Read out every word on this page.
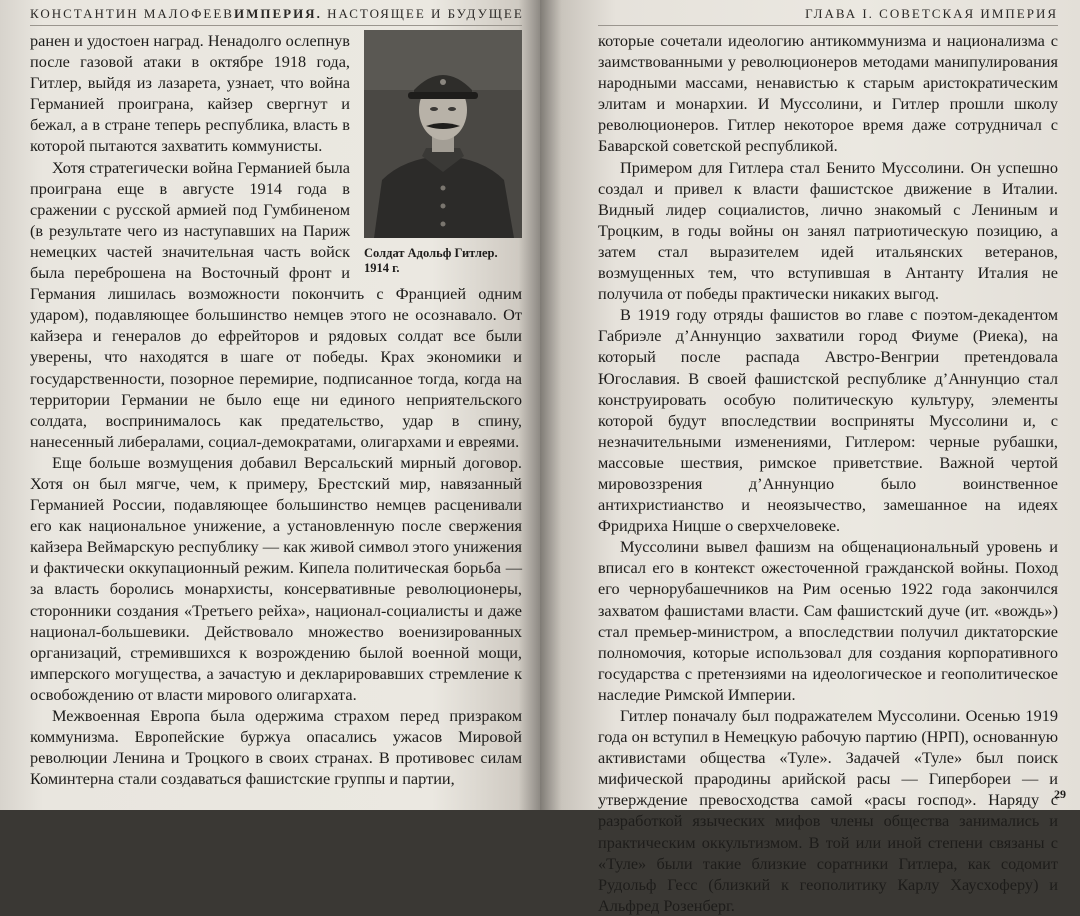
КОНСТАНТИН МАЛОФЕЕВ ИМПЕРИЯ. НАСТОЯЩЕЕ И БУДУЩЕЕ
Солдат Адольф Гитлер.
1914 г.

ранен и удостоен наград. Ненадолго ослепнув после газовой атаки в октябре 1918 года, Гитлер, выйдя из лазарета, узнает, что война Германией проиграна, кайзер свергнут и бежал, а в стране теперь республика, власть в которой пытаются захватить коммунисты.

Хотя стратегически война Германией была проиграна еще в августе 1914 года в сражении с русской армией под Гумбиненом (в результате чего из наступавших на Париж немецких частей значительная часть войск была переброшена на Восточный фронт и Германия лишилась возможности покончить с Францией одним ударом), подавляющее большинство немцев этого не осознавало. От кайзера и генералов до ефрейторов и рядовых солдат все были уверены, что находятся в шаге от победы. Крах экономики и государственности, позорное перемирие, подписанное тогда, когда на территории Германии не было еще ни единого неприятельского солдата, воспринималось как предательство, удар в спину, нанесенный либералами, социал-демократами, олигархами и евреями.

Еще больше возмущения добавил Версальский мирный договор. Хотя он был мягче, чем, к примеру, Брестский мир, навязанный Германией России, подавляющее большинство немцев расценивали его как национальное унижение, а установленную после свержения кайзера Веймарскую республику — как живой символ этого унижения и фактически оккупационный режим. Кипела политическая борьба — за власть боролись монархисты, консервативные революционеры, сторонники создания «Третьего рейха», национал-социалисты и даже национал-большевики. Действовало множество военизированных организаций, стремившихся к возрождению былой военной мощи, имперского могущества, а зачастую и декларировавших стремление к освобождению от власти мирового олигархата.

Межвоенная Европа была одержима страхом перед призраком коммунизма. Европейские буржуа опасались ужасов Мировой революции Ленина и Троцкого в своих странах. В противовес силам Коминтерна стали создаваться фашистские группы и партии,

ГЛАВА I. СОВЕТСКАЯ ИМПЕРИЯ

которые сочетали идеологию антикоммунизма и национализма с заимствованными у революционеров методами манипулирования народными массами, ненавистью к старым аристократическим элитам и монархии. И Муссолини, и Гитлер прошли школу революционеров. Гитлер некоторое время даже сотрудничал с Баварской советской республикой.

Примером для Гитлера стал Бенито Муссолини. Он успешно создал и привел к власти фашистское движение в Италии. Видный лидер социалистов, лично знакомый с Лениным и Троцким, в годы войны он занял патриотическую позицию, а затем стал выразителем идей итальянских ветеранов, возмущенных тем, что вступившая в Антанту Италия не получила от победы практически никаких выгод.

В 1919 году отряды фашистов во главе с поэтом-декадентом Габриэле д’Аннунцио захватили город Фиуме (Риека), на который после распада Австро-Венгрии претендовала Югославия. В своей фашистской республике д’Аннунцио стал конструировать особую политическую культуру, элементы которой будут впоследствии восприняты Муссолини и, с незначительными изменениями, Гитлером: черные рубашки, массовые шествия, римское приветствие. Важной чертой мировоззрения д’Аннунцио было воинственное антихристианство и неоязычество, замешанное на идеях Фридриха Ницше о сверхчеловеке.

Муссолини вывел фашизм на общенациональный уровень и вписал его в контекст ожесточенной гражданской войны. Поход его чернорубашечников на Рим осенью 1922 года закончился захватом фашистами власти. Сам фашистский дуче (ит. «вождь») стал премьер-министром, а впоследствии получил диктаторские полномочия, которые использовал для создания корпоративного государства с претензиями на идеологическое и геополитическое наследие Римской Империи.

Гитлер поначалу был подражателем Муссолини. Осенью 1919 года он вступил в Немецкую рабочую партию (НРП), основанную активистами общества «Туле». Задачей «Туле» был поиск мифической прародины арийской расы — Гипербореи — и утверждение превосходства самой «расы господ». Наряду с разработкой языческих мифов члены общества занимались и практическим оккультизмом. В той или иной степени связаны с «Туле» были такие близкие соратники Гитлера, как содомит Рудольф Гесс (близкий к геополитику Карлу Хаусхоферу) и Альфред Розенберг.

29
